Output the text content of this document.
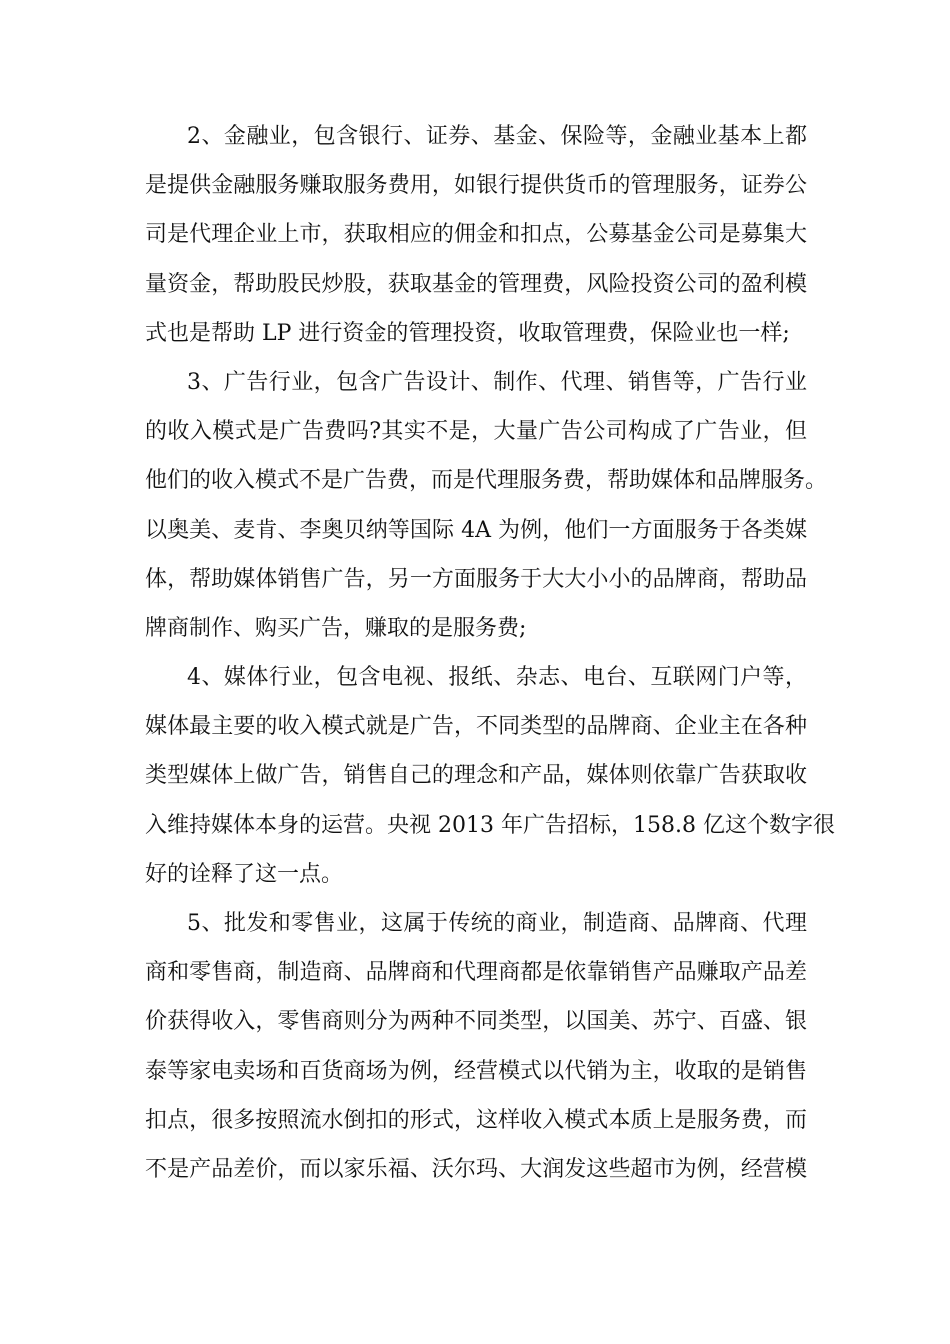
2、金融业，包含银行、证券、基金、保险等，金融业基本上都
是提供金融服务赚取服务费用，如银行提供货币的管理服务，证券公
司是代理企业上市，获取相应的佣金和扣点，公募基金公司是募集大
量资金，帮助股民炒股，获取基金的管理费，风险投资公司的盈利模
式也是帮助 LP 进行资金的管理投资，收取管理费，保险业也一样;
3、广告行业，包含广告设计、制作、代理、销售等，广告行业
的收入模式是广告费吗?其实不是，大量广告公司构成了广告业，但
他们的收入模式不是广告费，而是代理服务费，帮助媒体和品牌服务。
以奥美、麦肯、李奥贝纳等国际 4A 为例，他们一方面服务于各类媒
体，帮助媒体销售广告，另一方面服务于大大小小的品牌商，帮助品
牌商制作、购买广告，赚取的是服务费;
4、媒体行业，包含电视、报纸、杂志、电台、互联网门户等，
媒体最主要的收入模式就是广告，不同类型的品牌商、企业主在各种
类型媒体上做广告，销售自己的理念和产品，媒体则依靠广告获取收
入维持媒体本身的运营。央视 2013 年广告招标，158.8 亿这个数字很
好的诠释了这一点。
5、批发和零售业，这属于传统的商业，制造商、品牌商、代理
商和零售商，制造商、品牌商和代理商都是依靠销售产品赚取产品差
价获得收入，零售商则分为两种不同类型，以国美、苏宁、百盛、银
泰等家电卖场和百货商场为例，经营模式以代销为主，收取的是销售
扣点，很多按照流水倒扣的形式，这样收入模式本质上是服务费，而
不是产品差价，而以家乐福、沃尔玛、大润发这些超市为例，经营模
